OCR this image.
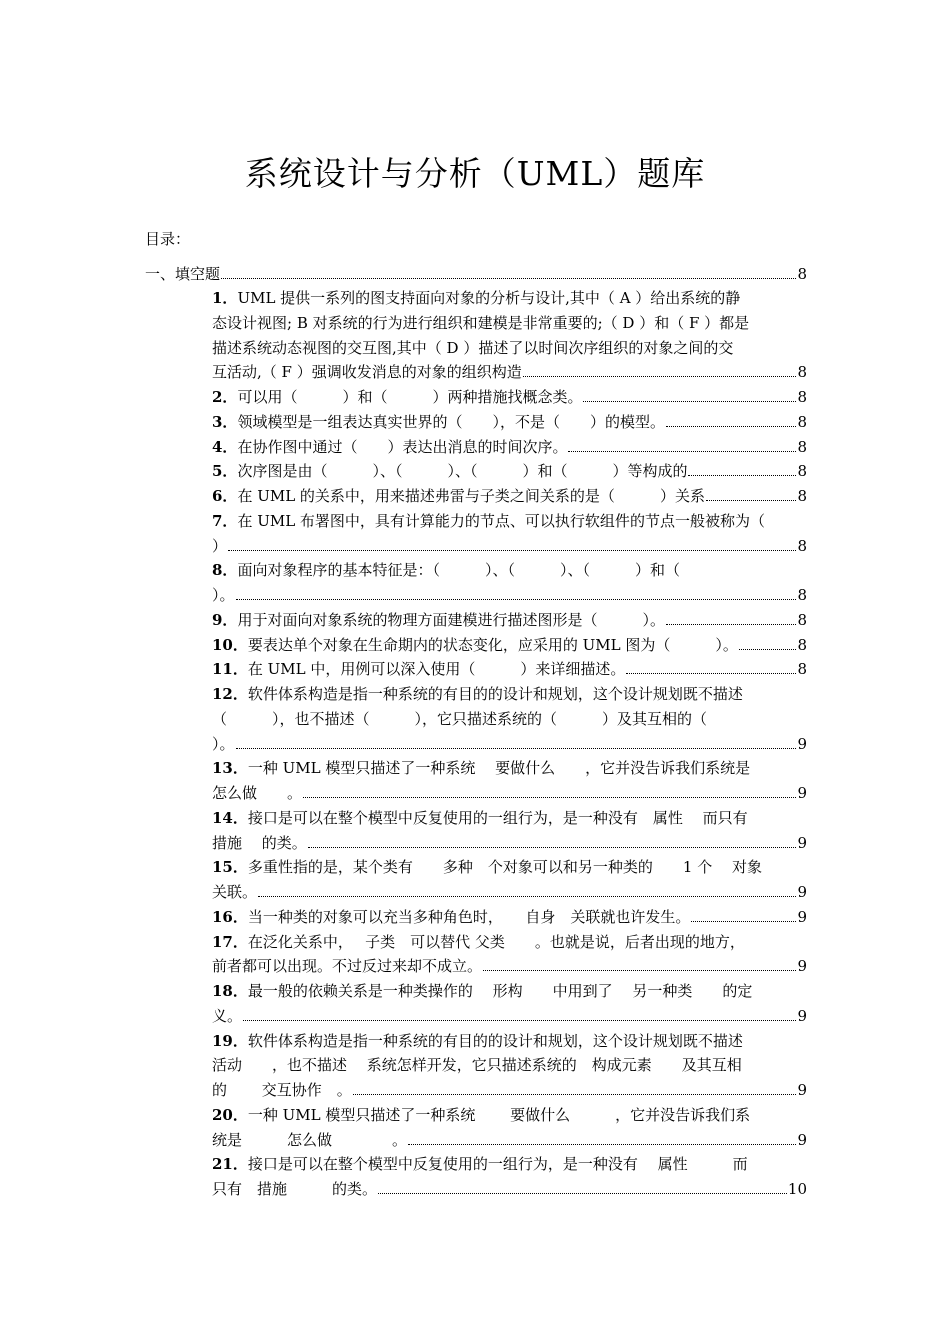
系统设计与分析（UML）题库
目录：
一、填空题	8
1．UML 提供一系列的图支持面向对象的分析与设计,其中（ A ）给出系统的静
态设计视图; B 对系统的行为进行组织和建模是非常重要的;（ D ）和（ F ）都是
描述系统动态视图的交互图,其中（ D ）描述了以时间次序组织的对象之间的交
互活动,（ F ）强调收发消息的对象的组织构造	8
2．可以用（　　　）和（　　　）两种措施找概念类。	8
3．领域模型是一组表达真实世界的（　　），不是（　　）的模型。	8
4．在协作图中通过（　　）表达出消息的时间次序。	8
5．次序图是由（　　　）、（　　　）、（　　　）和（　　　）等构成的	8
6．在 UML 的关系中，用来描述弗雷与子类之间关系的是（　　　）关系	8
7．在 UML 布署图中，具有计算能力的节点、可以执行软组件的节点一般被称为（
）	8
8．面向对象程序的基本特征是：（　　　）、（　　　）、（　　　）和（
）。	8
9．用于对面向对象系统的物理方面建模进行描述图形是（　　　）。	8
10．要表达单个对象在生命期内的状态变化，应采用的 UML 图为（　　　）。	8
11．在 UML 中，用例可以深入使用（　　　）来详细描述。	8
12．软件体系构造是指一种系统的有目的的设计和规划，这个设计规划既不描述
（　　　），也不描述（　　　），它只描述系统的（　　　）及其互相的（
）。	9
13．一种 UML 模型只描述了一种系统　 要做什么　　，它并没告诉我们系统是
怎么做　　。	9
14．接口是可以在整个模型中反复使用的一组行为，是一种没有　属性　 而只有
措施　 的类。	9
15．多重性指的是，某个类有　　多种　个对象可以和另一种类的　　1 个　 对象
关联。	9
16．当一种类的对象可以充当多种角色时，　　自身　关联就也许发生。	9
17．在泛化关系中，　 子类　可以替代 父类　　。也就是说，后者出现的地方，
前者都可以出现。不过反过来却不成立。	9
18．最一般的依赖关系是一种类操作的　 形构　　中用到了　 另一种类　　的定
义。	9
19．软件体系构造是指一种系统的有目的的设计和规划，这个设计规划既不描述
活动　　，也不描述　 系统怎样开发，它只描述系统的　构成元素　　及其互相
的　　 交互协作　。	9
20．一种 UML 模型只描述了一种系统　　 要做什么　　　，它并没告诉我们系
统是　　　怎么做　　　　。	9
21．接口是可以在整个模型中反复使用的一组行为，是一种没有　 属性　　　而
只有　措施　　　的类。	10
